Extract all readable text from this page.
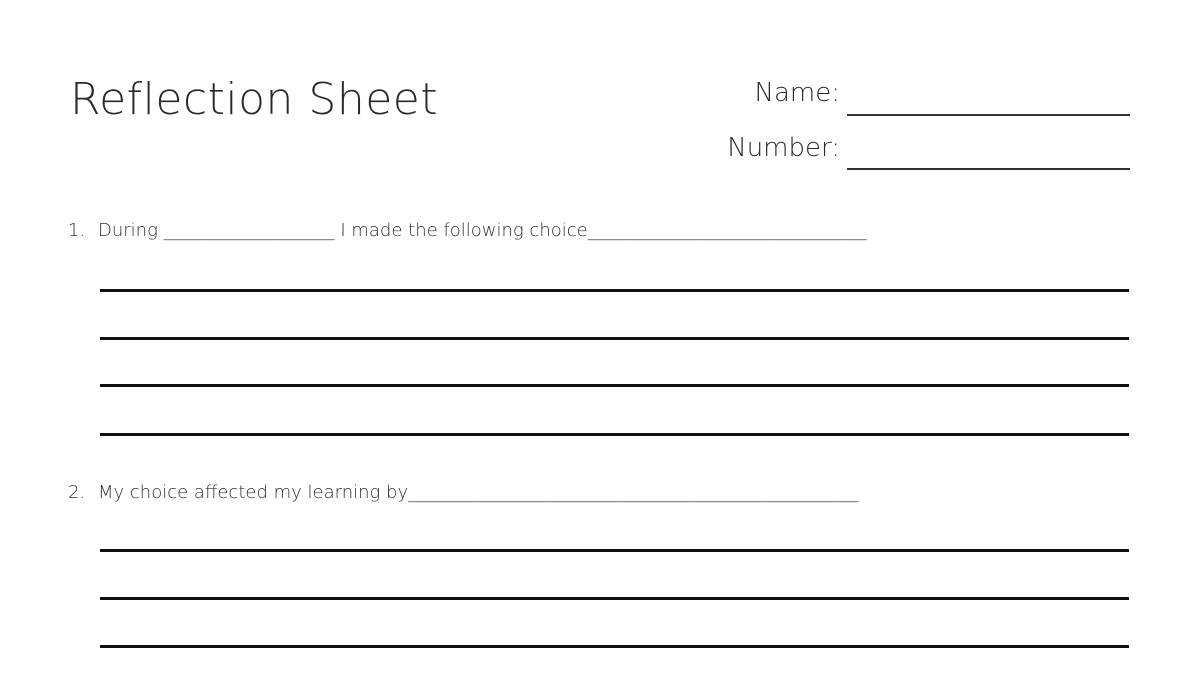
Reflection Sheet	Name:
Number:
1. During ___________________ I made the following choice_______________________________
2. My choice affected my learning by__________________________________________________
